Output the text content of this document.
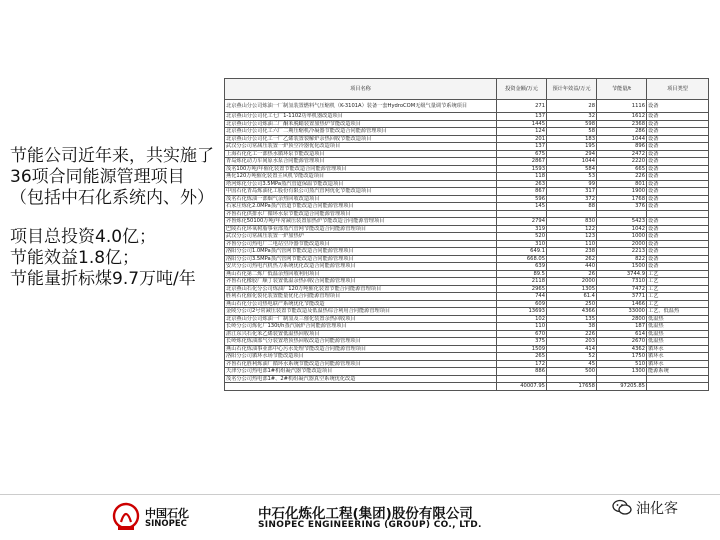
节能公司近年来，共实施了36项合同能源管理项目（包括中石化系统内、外）
项目总投资4.0亿；
节能效益1.8亿；
节能量折标煤9.7万吨/年
项目名称	投资金额/万元	预计年效益/万元	节能量/t	项目类型
北京燕山分公司炼油一厂制氢装置燃料气压缩机（K-3101A）装备一套HydroCOM无级气量调节系统项目	271	28	1116	设备
北京燕山分公司化工七厂1-1102功率机器改造项目	137	32	1612	设备
北京燕山分公司炼油二厂酮苯脱蜡装置加热炉节能改造项目	1445	598	2368	设备
北京燕山分公司化工六厂二期压缩机冷凝器节能改造合同能源管理项目	124	58	286	设备
北京燕山分公司化工一厂乙烯装置裂解炉余热回收节能改造项目	201	183	1044	设备
武汉分公司常减压装置一炉顶空冷器优化改造项目	137	195	896	设备
上海石化化工一部热水循环泵节能改造项目	675	294	2472	设备
青岛炼化动力车间原水泵合同能源管理项目	2867	1044	2220	设备
茂名100万吨/年催化装置节能改造合同能源管理项目	1593	584	665	设备
燕化120万吨催化装置主风机节能改造项目	118	53	226	设备
塔河炼化分公司3.5MPa蒸汽管道保温节能改造项目	263	99	801	设备
中国石化青岛炼油化工股份有限公司蒸汽管网优化节能改造项目	867	317	1900	设备
茂名石化炼油一部烟气余热回收改造项目	596	372	1768	设备
石家庄炼化2.0MPa蒸汽管道节能改造合同能源管理项目	145	88	376	设备
齐鲁石化供排水厂循环水泵节能改造合同能源管理项目				
齐鲁炼化50100万吨/年常减压装置加热炉节能改造合同能源管理项目	2794	830	5423	设备
巴陵石化环氧树脂事业部蒸汽管网节能改造合同能源管理项目	319	122	1042	设备
武汉分公司常减压装置一炉加热炉	520	123	1000	设备
齐鲁分公司热电厂二电站空冷器节能改造项目	310	110	2000	设备
洛阳分公司1.0MPa蒸汽管网节能改造合同能源管理项目	649.1	238	2213	设备
洛阳分公司3.5MPa蒸汽管网节能改造合同能源管理项目	668.05	262	822	设备
安庆分公司热电汽机热力系统优化改造合同能源管理项目	639	440	1500	设备
燕山石化第二炼厂低温余热回收利用项目	89.5	26	3744.9	工艺
齐鲁石化橡胶厂顺丁装置低温余热回收合同能源管理项目	2118	2000	7310	工艺
北京燕山石化分公司炼油厂120万吨催化装置节能合同能源管理项目	2965	1305	7472	工艺
胜利石化催化裂化装置能量优化合同能源管理项目	744	61.4	3771	工艺
燕山石化分公司热电联产系统优化节能改造	609	250	1466	工艺
金陵分公司2号常减压装置节能改造及低温热综合利用合同能源管理项目	13693	4366	33000	工艺、低温热
北京燕山分公司炼油一厂制氢及三催化装置余热回收项目	102	135	2800	低温热
长岭分公司炼化厂130t/h蒸汽锅炉合同能源管理项目	110	38	187	低温热
湛江东兴石化苯乙烯装置低温热回收项目	670	226	614	低温热
长岭炼化炼油部气分装置塔顶热回收改造合同能源管理项目	375	203	2670	低温热
燕山石化炼油事业部中心污水处理节能改造合同能源管理项目	1509	414	4362	循环水
洛阳分公司循环水场节能改造项目	265	52	1750	循环水
齐鲁石化胜利炼油厂循环水系统节能改造合同能源管理项目	172	45	510	循环水
天津分公司热电部1#机组凝汽器节能改造项目	886	500	1300	能源系统
茂名分公司热电部1#、2#机组凝汽器真空系统优化改造				
	40007.95	17658	97205.85	
中国石化
SINOPEC
中石化炼化工程(集团)股份有限公司
SINOPEC ENGINEERING (GROUP) CO., LTD.
油化客
